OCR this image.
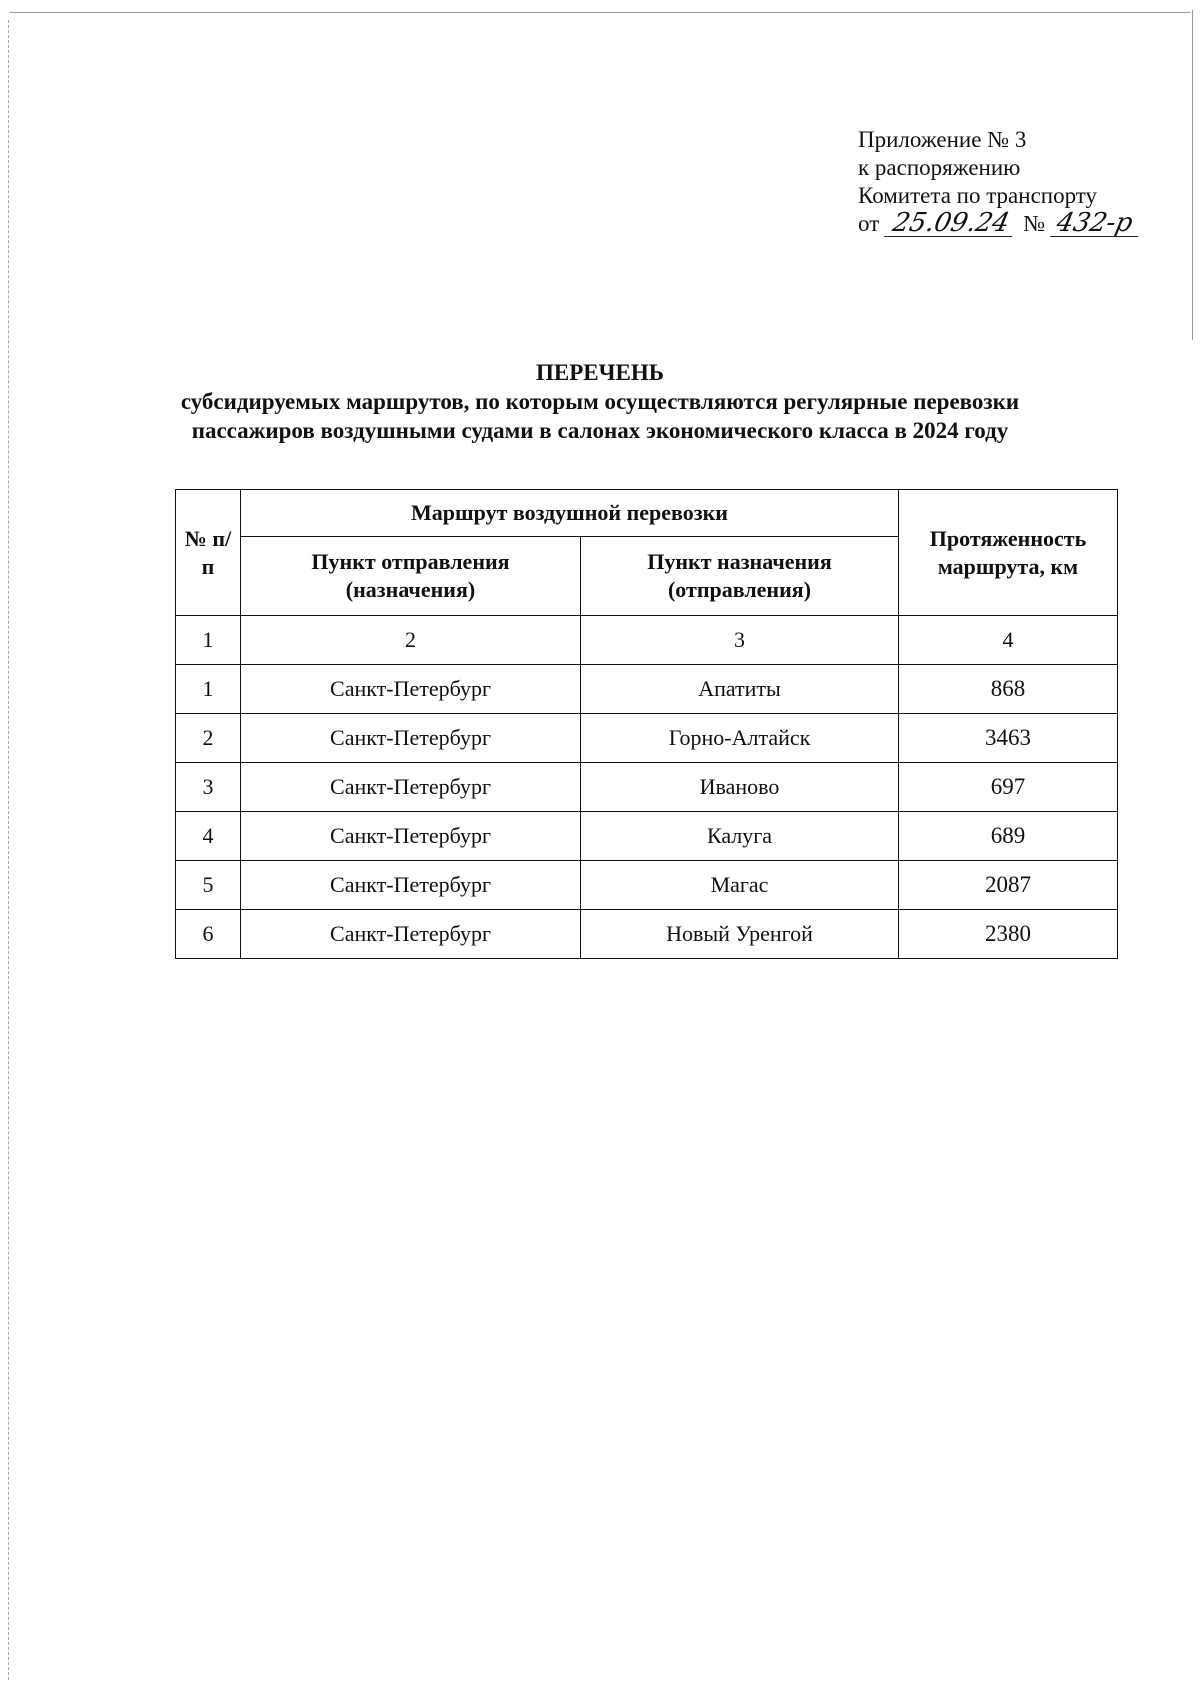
Приложение № 3
к распоряжению
Комитета по транспорту
от 25.09.24 № 432-р
ПЕРЕЧЕНЬ
субсидируемых маршрутов, по которым осуществляются регулярные перевозки
пассажиров воздушными судами в салонах экономического класса в 2024 году
№ п/п	Маршрут воздушной перевозки		Протяженность маршрута, км
	Пункт отправления (назначения)	Пункт назначения (отправления)	
1	2	3	4
1	Санкт-Петербург	Апатиты	868
2	Санкт-Петербург	Горно-Алтайск	3463
3	Санкт-Петербург	Иваново	697
4	Санкт-Петербург	Калуга	689
5	Санкт-Петербург	Магас	2087
6	Санкт-Петербург	Новый Уренгой	2380
